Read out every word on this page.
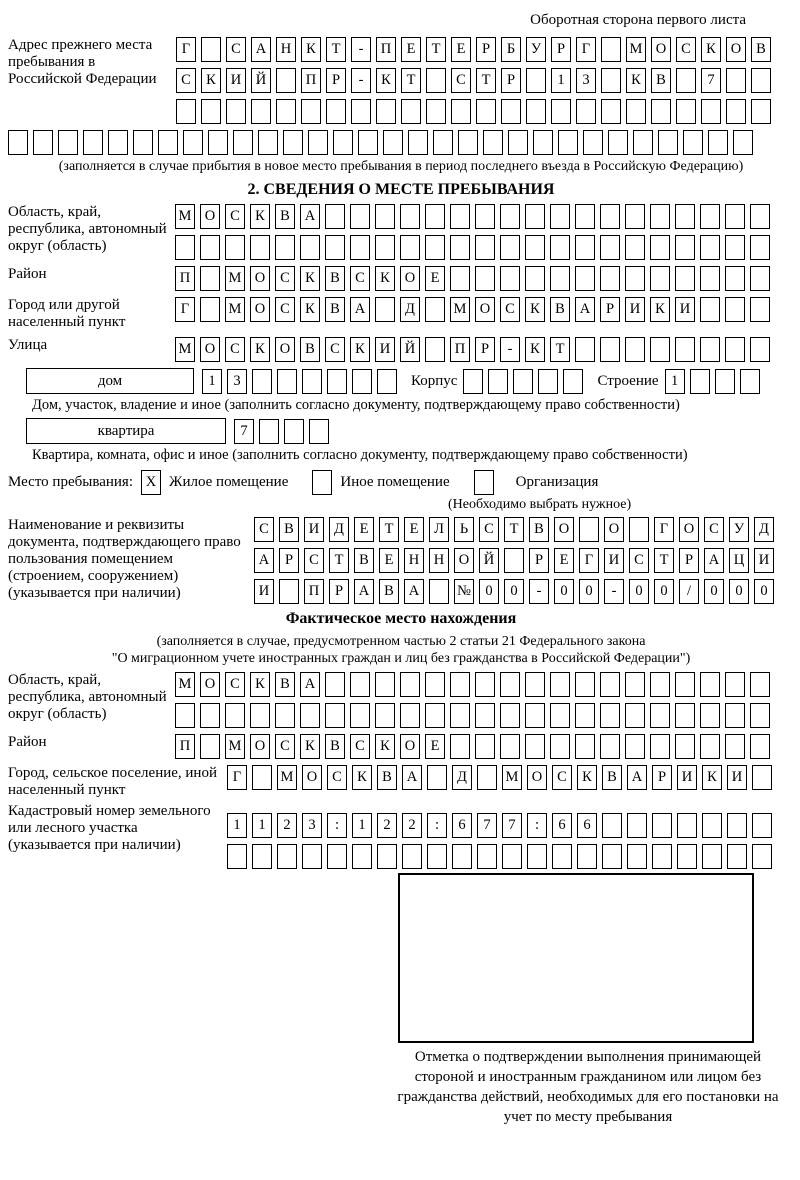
Оборотная сторона первого листа
Адрес прежнего места пребывания в Российской Федерации
Г	С	А	Н	К	Т	-	П	Е	Т	Е	Р	Б	У	Р	Г	М О	С	К	О	В
С	К	И	Й	П	Р	-	К	Т	С	Т	Р	1	3	К	В	7
(заполняется в случае прибытия в новое место пребывания в период последнего въезда в Российскую Федерацию)
2. СВЕДЕНИЯ О МЕСТЕ ПРЕБЫВАНИЯ
Область, край, республика, автономный округ (область)
М О	С	К	В	А
Район	П	М О	С	К	В	С	К	О	Е
Город или другой населенный пункт
Г	М О	С	К	В	А	Д	М О	С	К	В	А	Р	И	К	И
Улица	М О	С	К	О	В	С	К	И	Й	П	Р	-	К	Т
дом	1	3	Корпус	Строение 1
Дом, участок, владение и иное (заполнить согласно документу, подтверждающему право собственности)
квартира	7
Квартира, комната, офис и иное (заполнить согласно документу, подтверждающему право собственности)
Место пребывания: X Жилое помещение	Иное помещение	Организация
(Необходимо выбрать нужное)
Наименование и реквизиты документа, подтверждающего право пользования помещением (строением, сооружением) (указывается при наличии)
С	В	И	Д	Е	Т	Е	Л	Ь	С	Т	В	О	О	Г	О	С	У	Д
А	Р	С	Т	В	Е	Н	Н	О	Й	Р	Е	Г	И	С	Т	Р	А	Ц	И
И	П	Р	А	В	А	№ 0	0	-	0	0	-	0	0	/	0	0	0
Фактическое место нахождения
(заполняется в случае, предусмотренном частью 2 статьи 21 Федерального закона
"О миграционном учете иностранных граждан и лиц без гражданства в Российской Федерации")
Область, край, республика, автономный округ (область)
М О	С	К	В	А
Район	П	М О	С	К	В	С	К	О	Е
Город, сельское поселение, иной населенный пункт
Г	М О	С	К	В	А	Д	М О	С	К	В	А	Р	И	К	И
Кадастровый номер земельного или лесного участка (указывается при наличии)
1	1	2	3	:	1	2	2	:	6	7	7	:	6	6
Отметка о подтверждении выполнения принимающей стороной и иностранным гражданином или лицом без гражданства действий, необходимых для его постановки на учет по месту пребывания
